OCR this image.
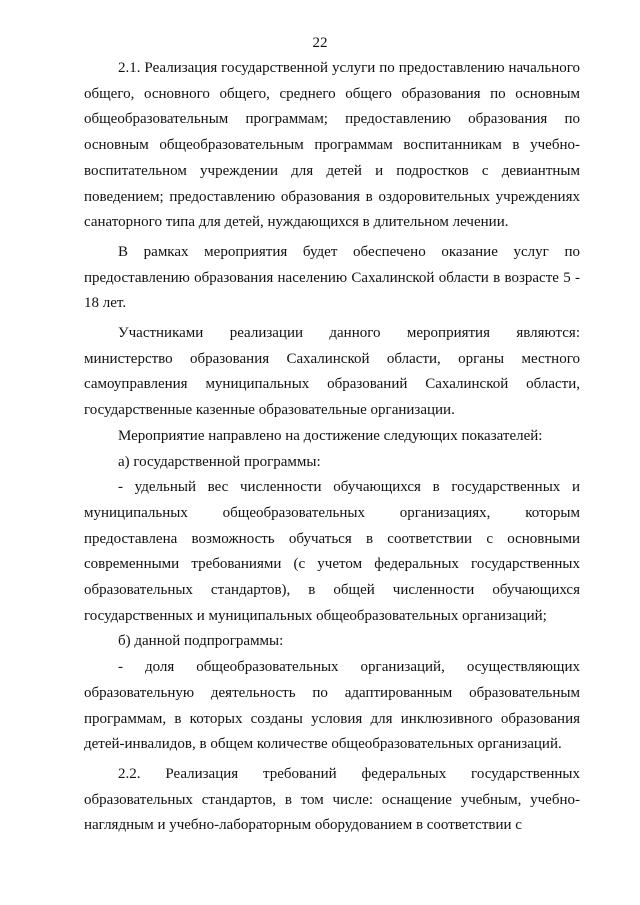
22

2.1. Реализация государственной услуги по предоставлению начального общего, основного общего, среднего общего образования по основным общеобразовательным программам; предоставлению образования по основным общеобразовательным программам воспитанникам в учебно-воспитательном учреждении для детей и подростков с девиантным поведением; предоставлению образования в оздоровительных учреждениях санаторного типа для детей, нуждающихся в длительном лечении.

В рамках мероприятия будет обеспечено оказание услуг по предоставлению образования населению Сахалинской области в возрасте 5 - 18 лет.

Участниками реализации данного мероприятия являются: министерство образования Сахалинской области, органы местного самоуправления муниципальных образований Сахалинской области, государственные казенные образовательные организации.

Мероприятие направлено на достижение следующих показателей:

а) государственной программы:

- удельный вес численности обучающихся в государственных и муниципальных общеобразовательных организациях, которым предоставлена возможность обучаться в соответствии с основными современными требованиями (с учетом федеральных государственных образовательных стандартов), в общей численности обучающихся государственных и муниципальных общеобразовательных организаций;

б) данной подпрограммы:

- доля общеобразовательных организаций, осуществляющих образовательную деятельность по адаптированным образовательным программам, в которых созданы условия для инклюзивного образования детей-инвалидов, в общем количестве общеобразовательных организаций.

2.2. Реализация требований федеральных государственных образовательных стандартов, в том числе: оснащение учебным, учебно-наглядным и учебно-лабораторным оборудованием в соответствии с
